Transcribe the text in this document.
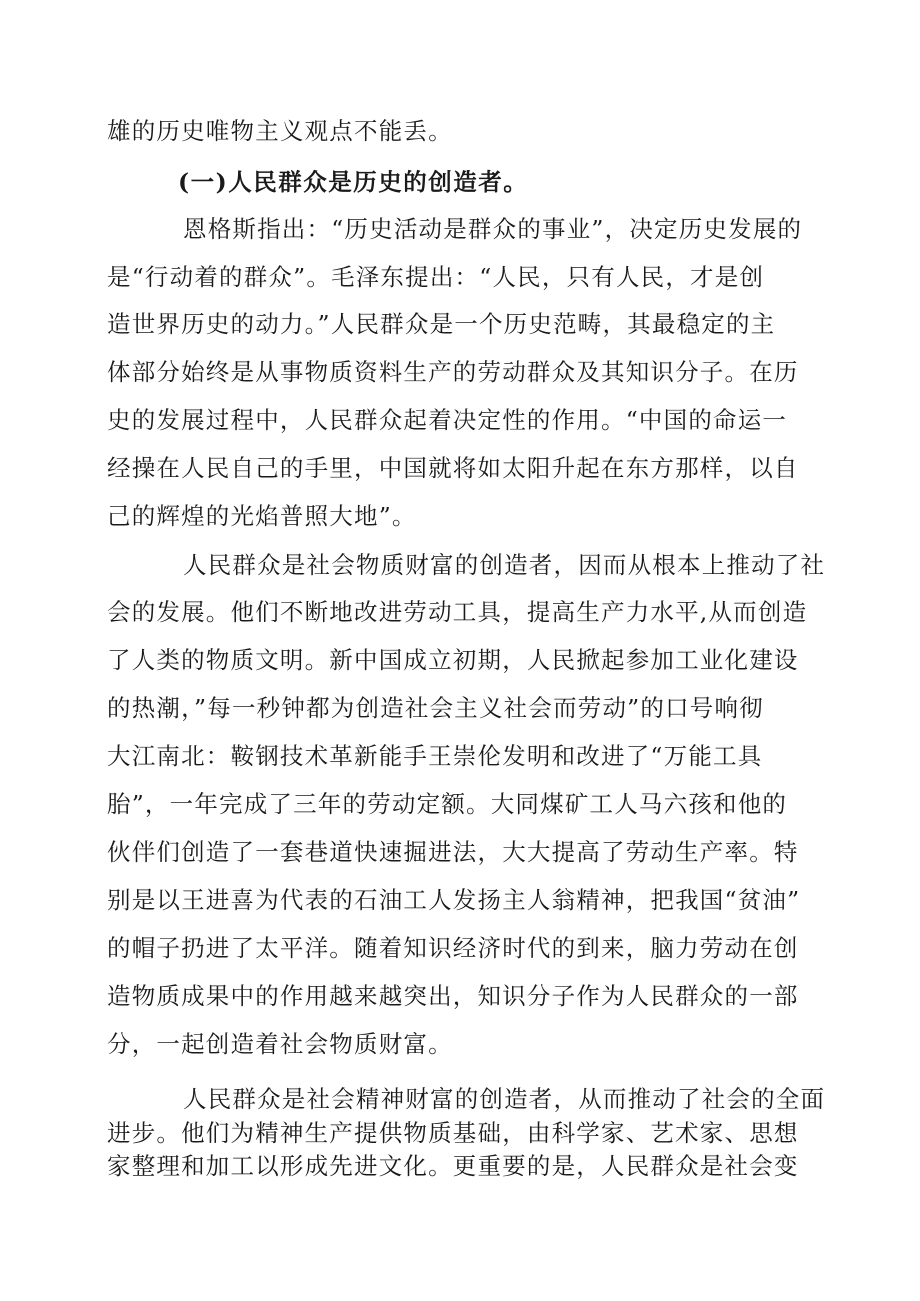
雄的历史唯物主义观点不能丢。
(一)人民群众是历史的创造者。
恩格斯指出：“历史活动是群众的事业”，决定历史发展的
是“行动着的群众”。毛泽东提出：“人民，只有人民，才是创
造世界历史的动力。”人民群众是一个历史范畴，其最稳定的主
体部分始终是从事物质资料生产的劳动群众及其知识分子。在历
史的发展过程中，人民群众起着决定性的作用。“中国的命运一
经操在人民自己的手里，中国就将如太阳升起在东方那样，以自
己的辉煌的光焰普照大地”。
人民群众是社会物质财富的创造者，因而从根本上推动了社
会的发展。他们不断地改进劳动工具，提高生产力水平,从而创造
了人类的物质文明。新中国成立初期，人民掀起参加工业化建设
的热潮，”每一秒钟都为创造社会主义社会而劳动”的口号响彻
大江南北：鞍钢技术革新能手王崇伦发明和改进了“万能工具
胎”，一年完成了三年的劳动定额。大同煤矿工人马六孩和他的
伙伴们创造了一套巷道快速掘进法，大大提高了劳动生产率。特
别是以王进喜为代表的石油工人发扬主人翁精神，把我国“贫油”
的帽子扔进了太平洋。随着知识经济时代的到来，脑力劳动在创
造物质成果中的作用越来越突出，知识分子作为人民群众的一部
分，一起创造着社会物质财富。
人民群众是社会精神财富的创造者，从而推动了社会的全面
进步。他们为精神生产提供物质基础，由科学家、艺术家、思想
家整理和加工以形成先进文化。更重要的是，人民群众是社会变
